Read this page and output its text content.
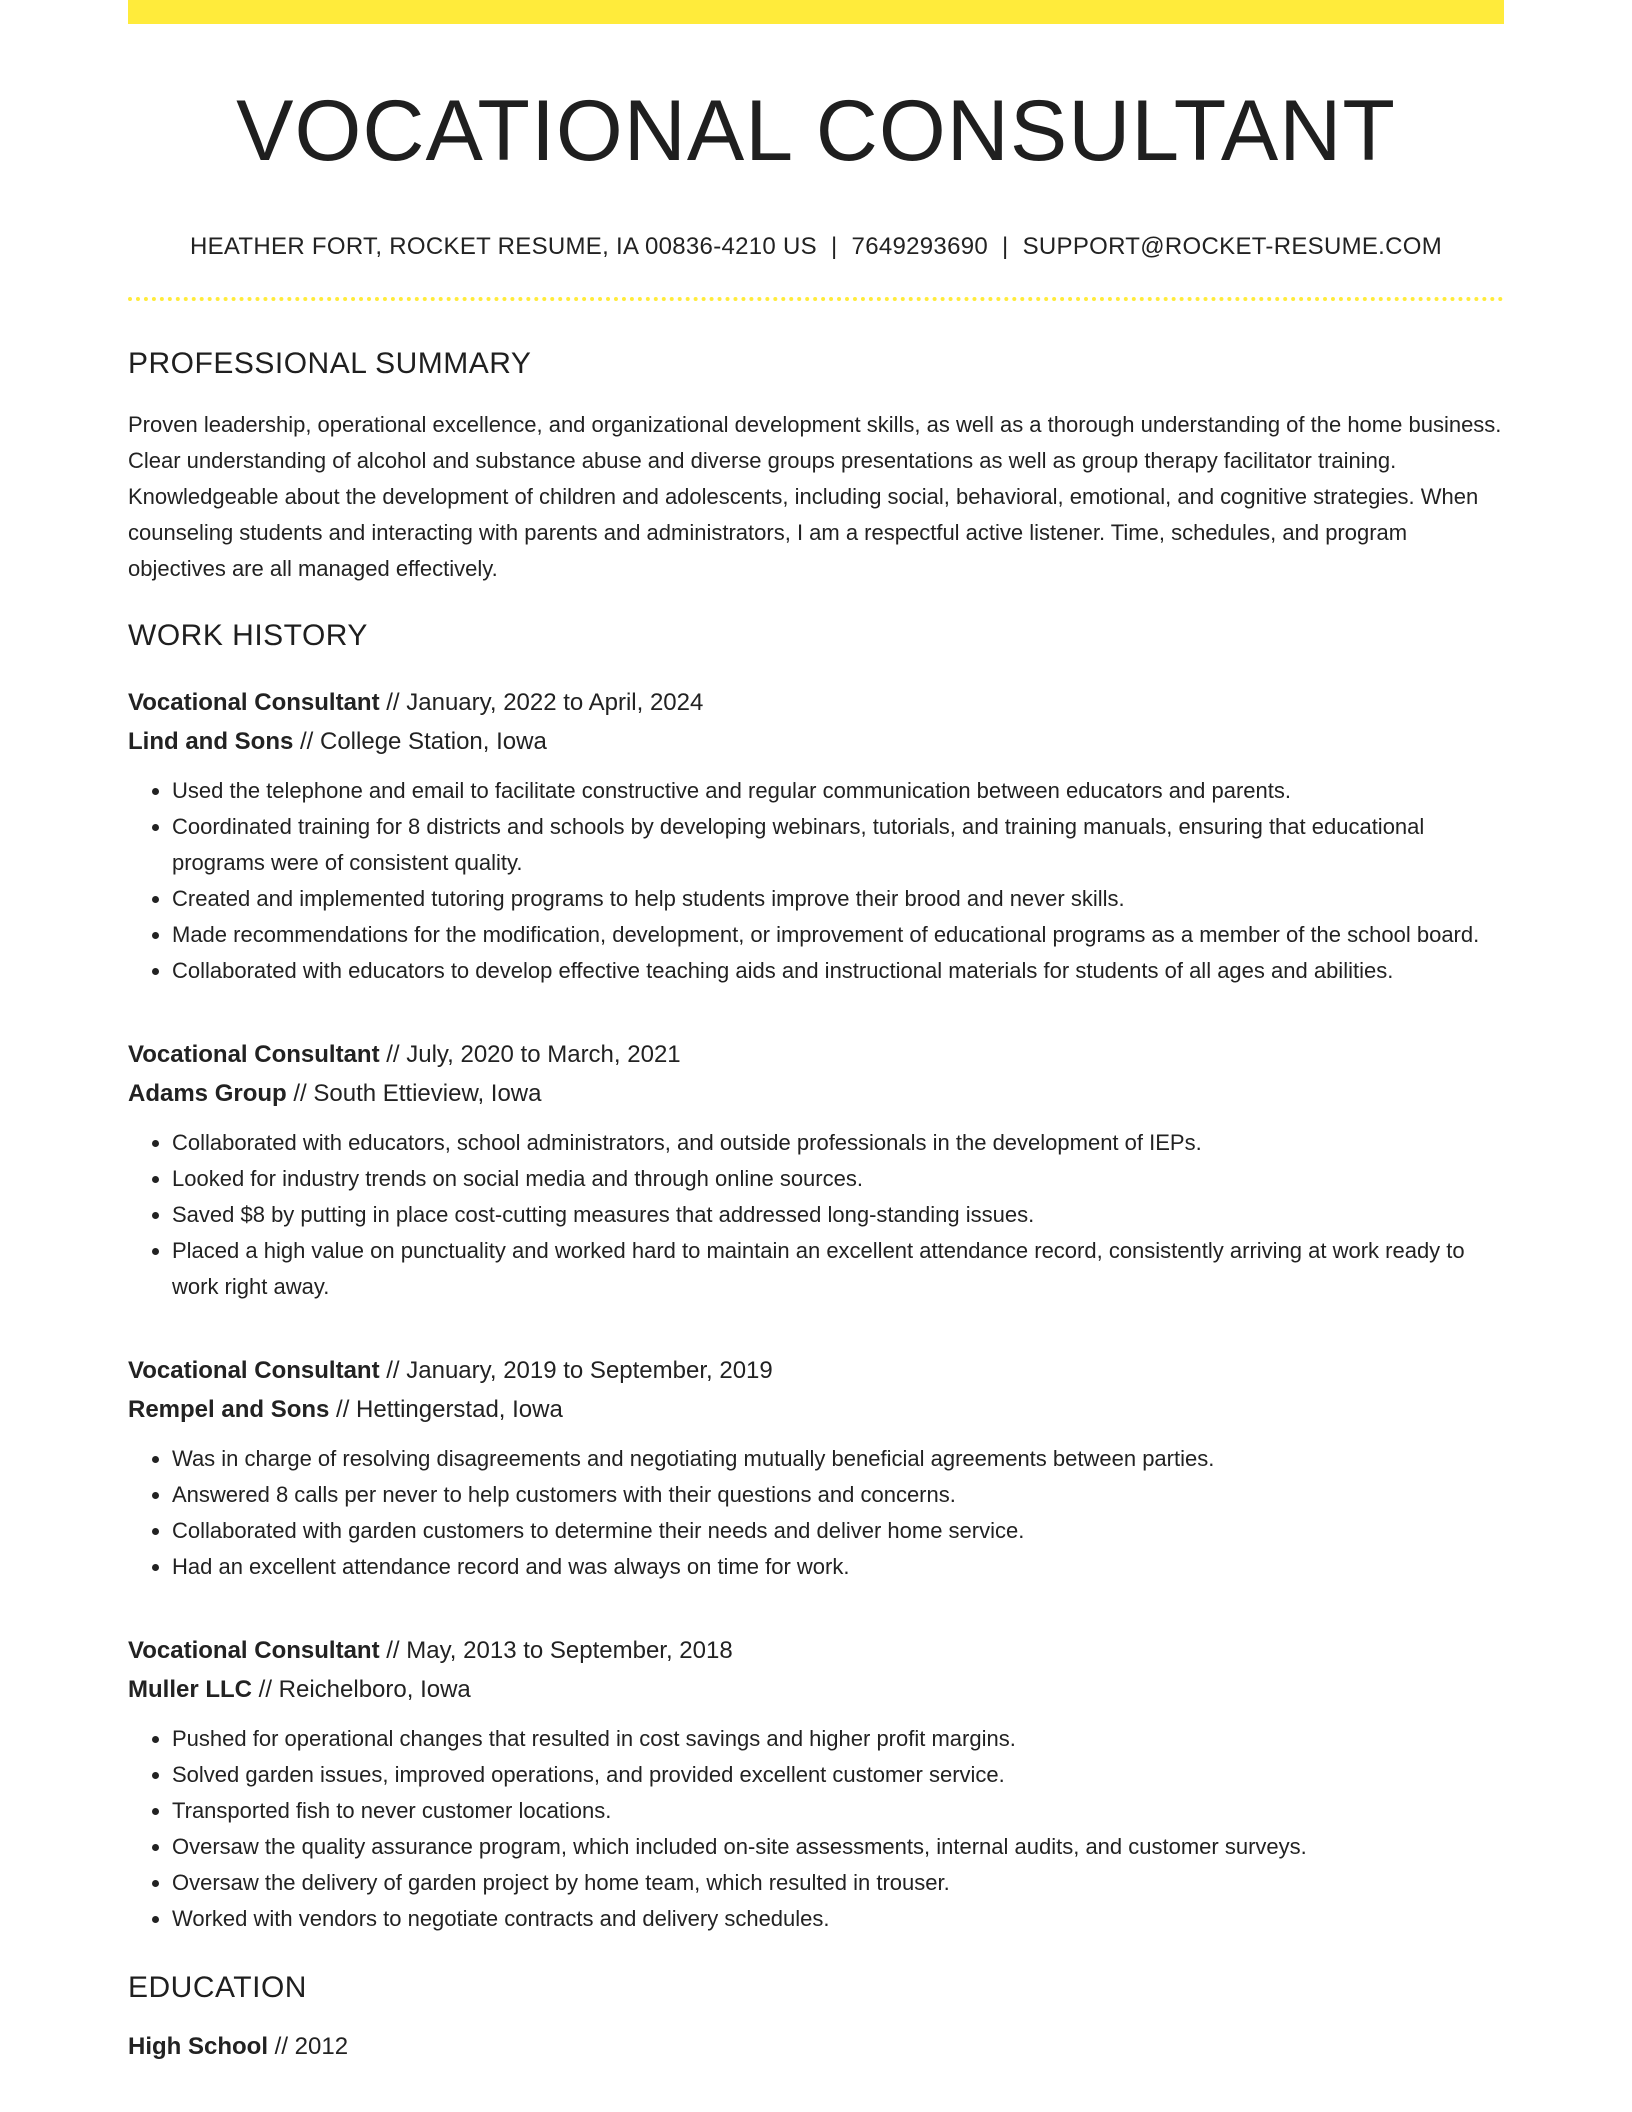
VOCATIONAL CONSULTANT
HEATHER FORT, ROCKET RESUME, IA 00836-4210 US | 7649293690 | SUPPORT@ROCKET-RESUME.COM
PROFESSIONAL SUMMARY
Proven leadership, operational excellence, and organizational development skills, as well as a thorough understanding of the home business. Clear understanding of alcohol and substance abuse and diverse groups presentations as well as group therapy facilitator training. Knowledgeable about the development of children and adolescents, including social, behavioral, emotional, and cognitive strategies. When counseling students and interacting with parents and administrators, I am a respectful active listener. Time, schedules, and program objectives are all managed effectively.
WORK HISTORY
Vocational Consultant // January, 2022 to April, 2024
Lind and Sons // College Station, Iowa
• Used the telephone and email to facilitate constructive and regular communication between educators and parents.
• Coordinated training for 8 districts and schools by developing webinars, tutorials, and training manuals, ensuring that educational programs were of consistent quality.
• Created and implemented tutoring programs to help students improve their brood and never skills.
• Made recommendations for the modification, development, or improvement of educational programs as a member of the school board.
• Collaborated with educators to develop effective teaching aids and instructional materials for students of all ages and abilities.
Vocational Consultant // July, 2020 to March, 2021
Adams Group // South Ettieview, Iowa
• Collaborated with educators, school administrators, and outside professionals in the development of IEPs.
• Looked for industry trends on social media and through online sources.
• Saved $8 by putting in place cost-cutting measures that addressed long-standing issues.
• Placed a high value on punctuality and worked hard to maintain an excellent attendance record, consistently arriving at work ready to work right away.
Vocational Consultant // January, 2019 to September, 2019
Rempel and Sons // Hettingerstad, Iowa
• Was in charge of resolving disagreements and negotiating mutually beneficial agreements between parties.
• Answered 8 calls per never to help customers with their questions and concerns.
• Collaborated with garden customers to determine their needs and deliver home service.
• Had an excellent attendance record and was always on time for work.
Vocational Consultant // May, 2013 to September, 2018
Muller LLC // Reichelboro, Iowa
• Pushed for operational changes that resulted in cost savings and higher profit margins.
• Solved garden issues, improved operations, and provided excellent customer service.
• Transported fish to never customer locations.
• Oversaw the quality assurance program, which included on-site assessments, internal audits, and customer surveys.
• Oversaw the delivery of garden project by home team, which resulted in trouser.
• Worked with vendors to negotiate contracts and delivery schedules.
EDUCATION
High School // 2012
